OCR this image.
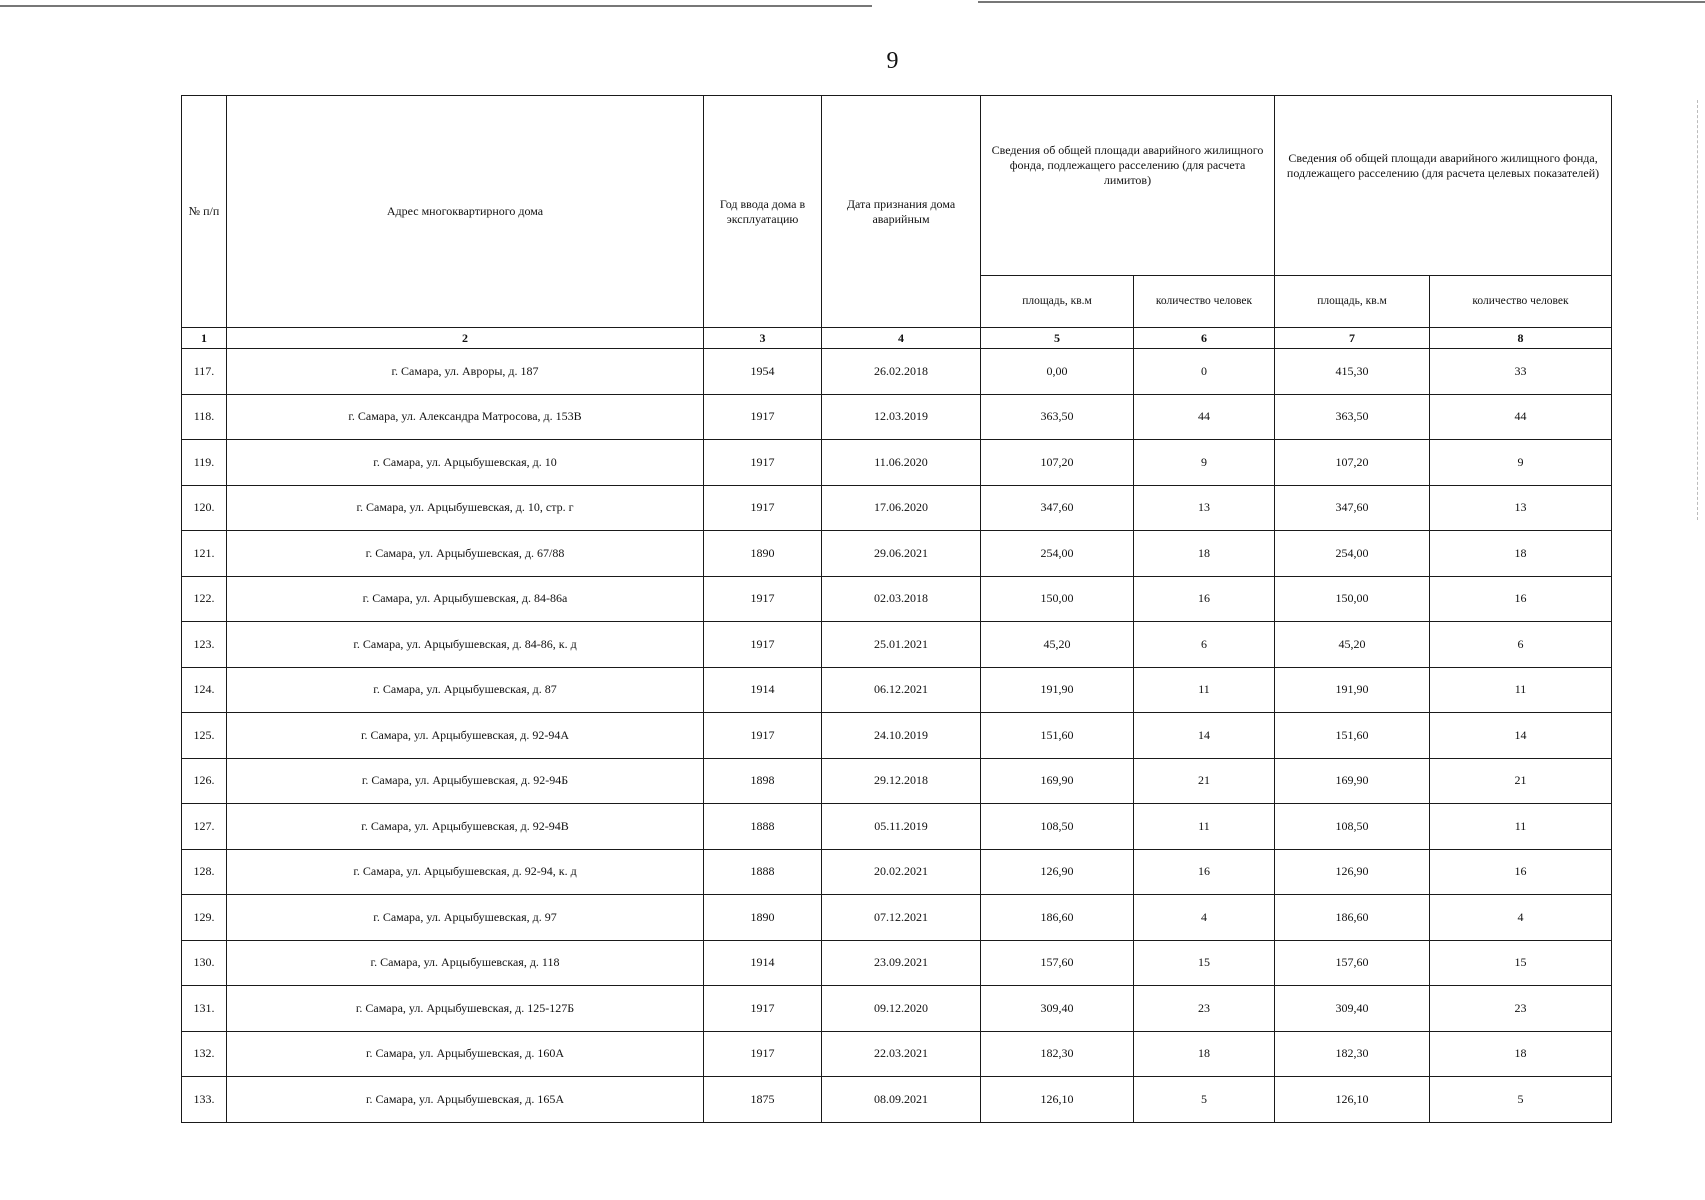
9
№ п/п	Адрес многоквартирного дома	Год ввода дома в эксплуатацию	Дата признания дома аварийным	Сведения об общей площади аварийного жилищного фонда, подлежащего расселению (для расчета лимитов)		Сведения об общей площади аварийного жилищного фонда, подлежащего расселению (для расчета целевых показателей)	

				площадь, кв.м	количество человек	площадь, кв.м	количество человек
1	2	3	4	5	6	7	8
117.	г. Самара, ул. Авроры, д. 187	1954	26.02.2018	0,00	0	415,30	33
118.	г. Самара, ул. Александра Матросова, д. 153В	1917	12.03.2019	363,50	44	363,50	44
119.	г. Самара, ул. Арцыбушевская, д. 10	1917	11.06.2020	107,20	9	107,20	9
120.	г. Самара, ул. Арцыбушевская, д. 10, стр. г	1917	17.06.2020	347,60	13	347,60	13
121.	г. Самара, ул. Арцыбушевская, д. 67/88	1890	29.06.2021	254,00	18	254,00	18
122.	г. Самара, ул. Арцыбушевская, д. 84-86а	1917	02.03.2018	150,00	16	150,00	16
123.	г. Самара, ул. Арцыбушевская, д. 84-86, к. д	1917	25.01.2021	45,20	6	45,20	6
124.	г. Самара, ул. Арцыбушевская, д. 87	1914	06.12.2021	191,90	11	191,90	11
125.	г. Самара, ул. Арцыбушевская, д. 92-94А	1917	24.10.2019	151,60	14	151,60	14
126.	г. Самара, ул. Арцыбушевская, д. 92-94Б	1898	29.12.2018	169,90	21	169,90	21
127.	г. Самара, ул. Арцыбушевская, д. 92-94В	1888	05.11.2019	108,50	11	108,50	11
128.	г. Самара, ул. Арцыбушевская, д. 92-94, к. д	1888	20.02.2021	126,90	16	126,90	16
129.	г. Самара, ул. Арцыбушевская, д. 97	1890	07.12.2021	186,60	4	186,60	4
130.	г. Самара, ул. Арцыбушевская, д. 118	1914	23.09.2021	157,60	15	157,60	15
131.	г. Самара, ул. Арцыбушевская, д. 125-127Б	1917	09.12.2020	309,40	23	309,40	23
132.	г. Самара, ул. Арцыбушевская, д. 160А	1917	22.03.2021	182,30	18	182,30	18
133.	г. Самара, ул. Арцыбушевская, д. 165А	1875	08.09.2021	126,10	5	126,10	5
